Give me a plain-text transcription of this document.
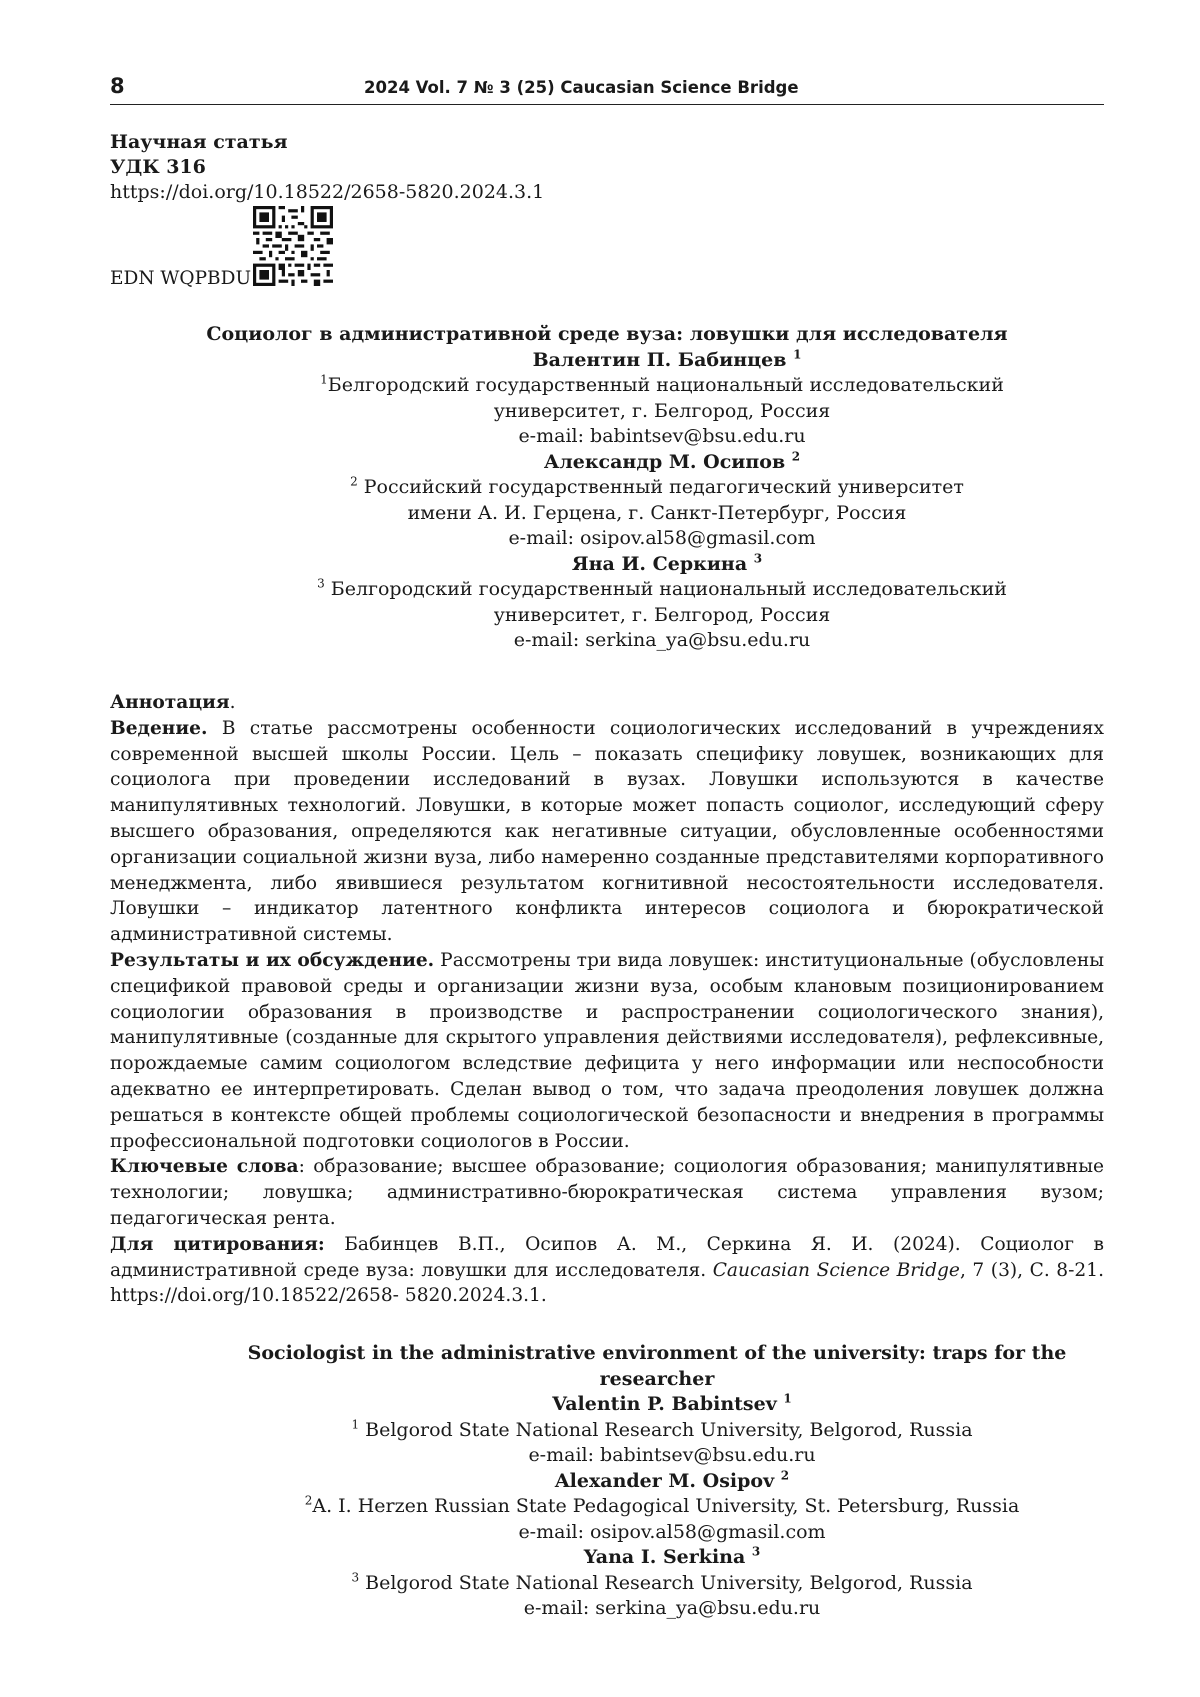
8	2024 Vol. 7 № 3 (25) Caucasian Science Bridge
Научная статья
УДК 316
https://doi.org/10.18522/2658-5820.2024.3.1
EDN WQPBDU
Социолог в административной среде вуза: ловушки для исследователя
Валентин П. Бабинцев $^1$
$^1$Белгородский государственный национальный исследовательский
университет, г. Белгород, Россия
e-mail: babintsev@bsu.edu.ru
Александр М. Осипов $^2$
$^2$ Российский государственный педагогический университет
имени А. И. Герцена, г. Санкт-Петербург, Россия
e-mail: osipov.al58@gmasil.com
Яна И. Серкина $^3$
$^3$ Белгородский государственный национальный исследовательский
университет, г. Белгород, Россия
e-mail: serkina_ya@bsu.edu.ru

Аннотация.

Ведение. В статье рассмотрены особенности социологических исследований в учреждениях современной высшей школы России. Цель – показать специфику ловушек, возникающих для социолога при проведении исследований в вузах. Ловушки используются в качестве манипулятивных технологий. Ловушки, в которые может попасть социолог, исследующий сферу высшего образования, определяются как негативные ситуации, обусловленные особенностями организации социальной жизни вуза, либо намеренно созданные представителями корпоративного менеджмента, либо явившиеся результатом когнитивной несостоятельности исследователя. Ловушки – индикатор латентного конфликта интересов социолога и бюрократической административной системы.

Результаты и их обсуждение. Рассмотрены три вида ловушек: институциональные (обусловлены спецификой правовой среды и организации жизни вуза, особым клановым позиционированием социологии образования в производстве и распространении социологического знания), манипулятивные (созданные для скрытого управления действиями исследователя), рефлексивные, порождаемые самим социологом вследствие дефицита у него информации или неспособности адекватно ее интерпретировать. Сделан вывод о том, что задача преодоления ловушек должна решаться в контексте общей проблемы социологической безопасности и внедрения в программы профессиональной подготовки социологов в России.

Ключевые слова: образование; высшее образование; социология образования; манипулятивные технологии; ловушка; административно-бюрократическая система управления вузом; педагогическая рента.

Для цитирования: Бабинцев В.П., Осипов А. М., Серкина Я. И. (2024). Социолог в административной среде вуза: ловушки для исследователя. Caucasian Science Bridge, 7 (3), С. 8-21. https://doi.org/10.18522/2658- 5820.2024.3.1.

Sociologist in the administrative environment of the university: traps for the researcher
Valentin P. Babintsev $^1$
$^1$ Belgorod State National Research University, Belgorod, Russia
e-mail: babintsev@bsu.edu.ru
Alexander M. Osipov $^2$
$^2$A. I. Herzen Russian State Pedagogical University, St. Petersburg, Russia
e-mail: osipov.al58@gmasil.com
Yana I. Serkina $^3$
$^3$ Belgorod State National Research University, Belgorod, Russia
e-mail: serkina_ya@bsu.edu.ru
